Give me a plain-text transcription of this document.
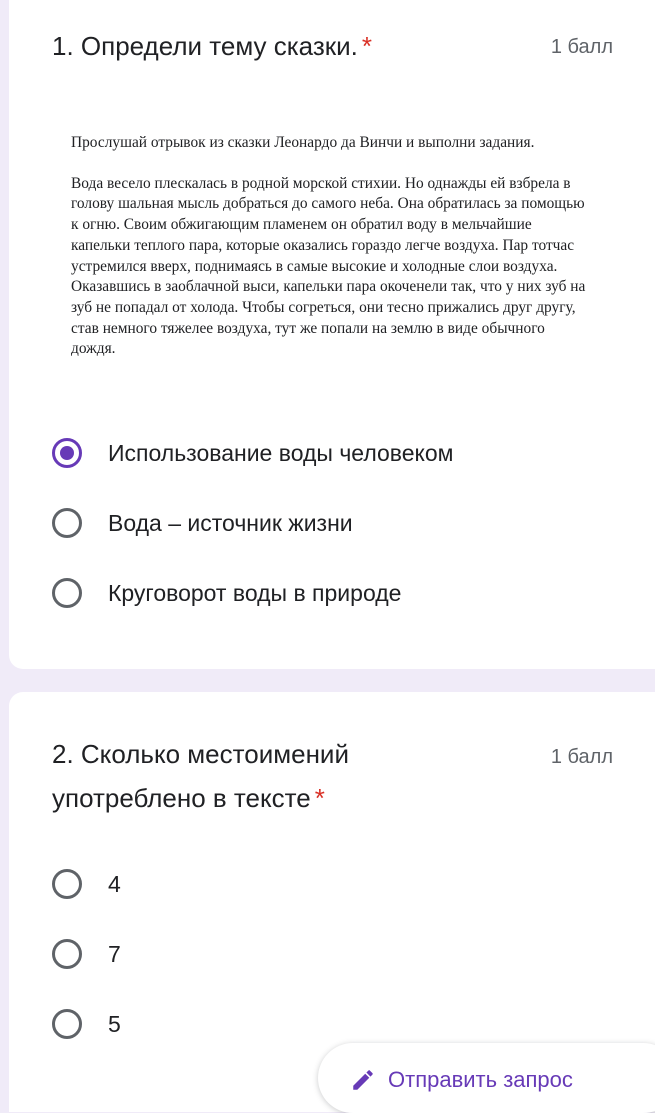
1. Определи тему сказки. *	1 балл

Прослушай отрывок из сказки Леонардо да Винчи и выполни задания.

Вода весело плескалась в родной морской стихии. Но однажды ей взбрела в голову шальная мысль добраться до самого неба. Она обратилась за помощью к огню. Своим обжигающим пламенем он обратил воду в мельчайшие капельки теплого пара, которые оказались гораздо легче воздуха. Пар тотчас устремился вверх, поднимаясь в самые высокие и холодные слои воздуха. Оказавшись в заоблачной выси, капельки пара окоченели так, что у них зуб на зуб не попадал от холода. Чтобы согреться, они тесно прижались друг другу, став немного тяжелее воздуха, тут же попали на землю в виде обычного дождя.

Использование воды человеком
Вода – источник жизни
Круговорот воды в природе
2. Сколько местоимений употреблено в тексте *
1 балл
4
7
5
Отправить запрос
